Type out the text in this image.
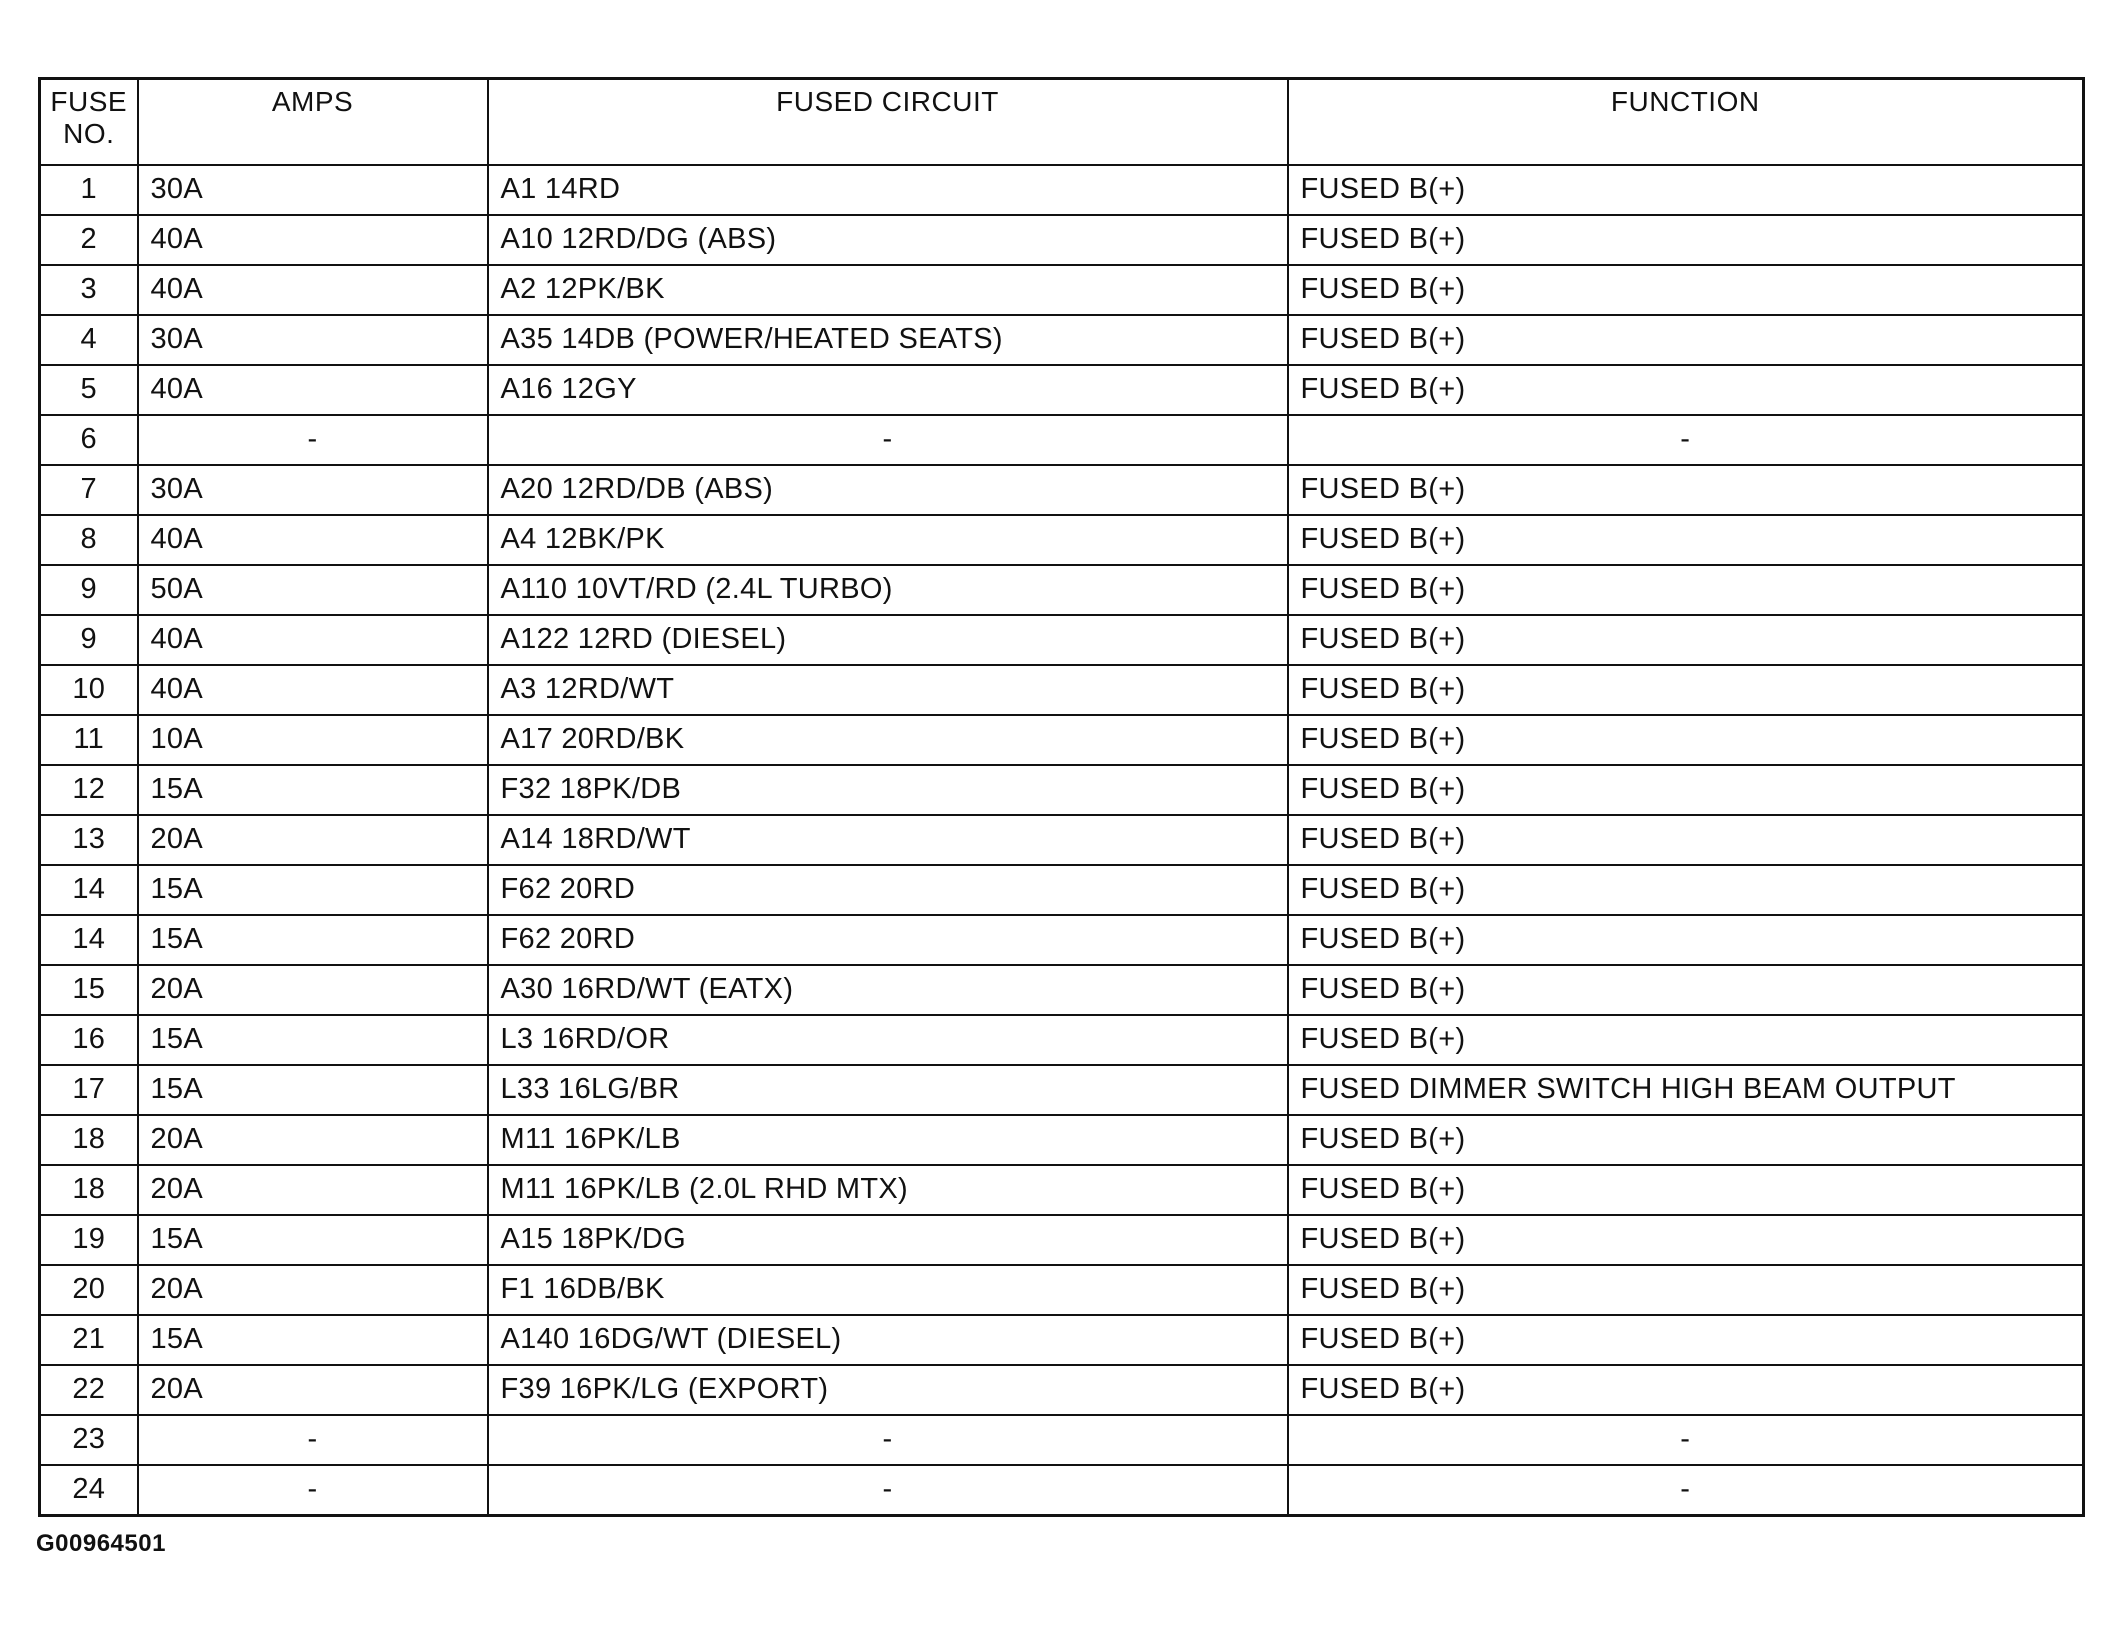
FUSE NO.	AMPS	FUSED CIRCUIT	FUNCTION
1	30A	A1 14RD	FUSED B(+)
2	40A	A10 12RD/DG (ABS)	FUSED B(+)
3	40A	A2 12PK/BK	FUSED B(+)
4	30A	A35 14DB (POWER/HEATED SEATS)	FUSED B(+)
5	40A	A16 12GY	FUSED B(+)
6	-	-	-
7	30A	A20 12RD/DB (ABS)	FUSED B(+)
8	40A	A4 12BK/PK	FUSED B(+)
9	50A	A110 10VT/RD (2.4L TURBO)	FUSED B(+)
9	40A	A122 12RD (DIESEL)	FUSED B(+)
10	40A	A3 12RD/WT	FUSED B(+)
11	10A	A17 20RD/BK	FUSED B(+)
12	15A	F32 18PK/DB	FUSED B(+)
13	20A	A14 18RD/WT	FUSED B(+)
14	15A	F62 20RD	FUSED B(+)
14	15A	F62 20RD	FUSED B(+)
15	20A	A30 16RD/WT (EATX)	FUSED B(+)
16	15A	L3 16RD/OR	FUSED B(+)
17	15A	L33 16LG/BR	FUSED DIMMER SWITCH HIGH BEAM OUTPUT
18	20A	M11 16PK/LB	FUSED B(+)
18	20A	M11 16PK/LB (2.0L RHD MTX)	FUSED B(+)
19	15A	A15 18PK/DG	FUSED B(+)
20	20A	F1 16DB/BK	FUSED B(+)
21	15A	A140 16DG/WT (DIESEL)	FUSED B(+)
22	20A	F39 16PK/LG (EXPORT)	FUSED B(+)
23	-	-	-
24	-	-	-
G00964501
